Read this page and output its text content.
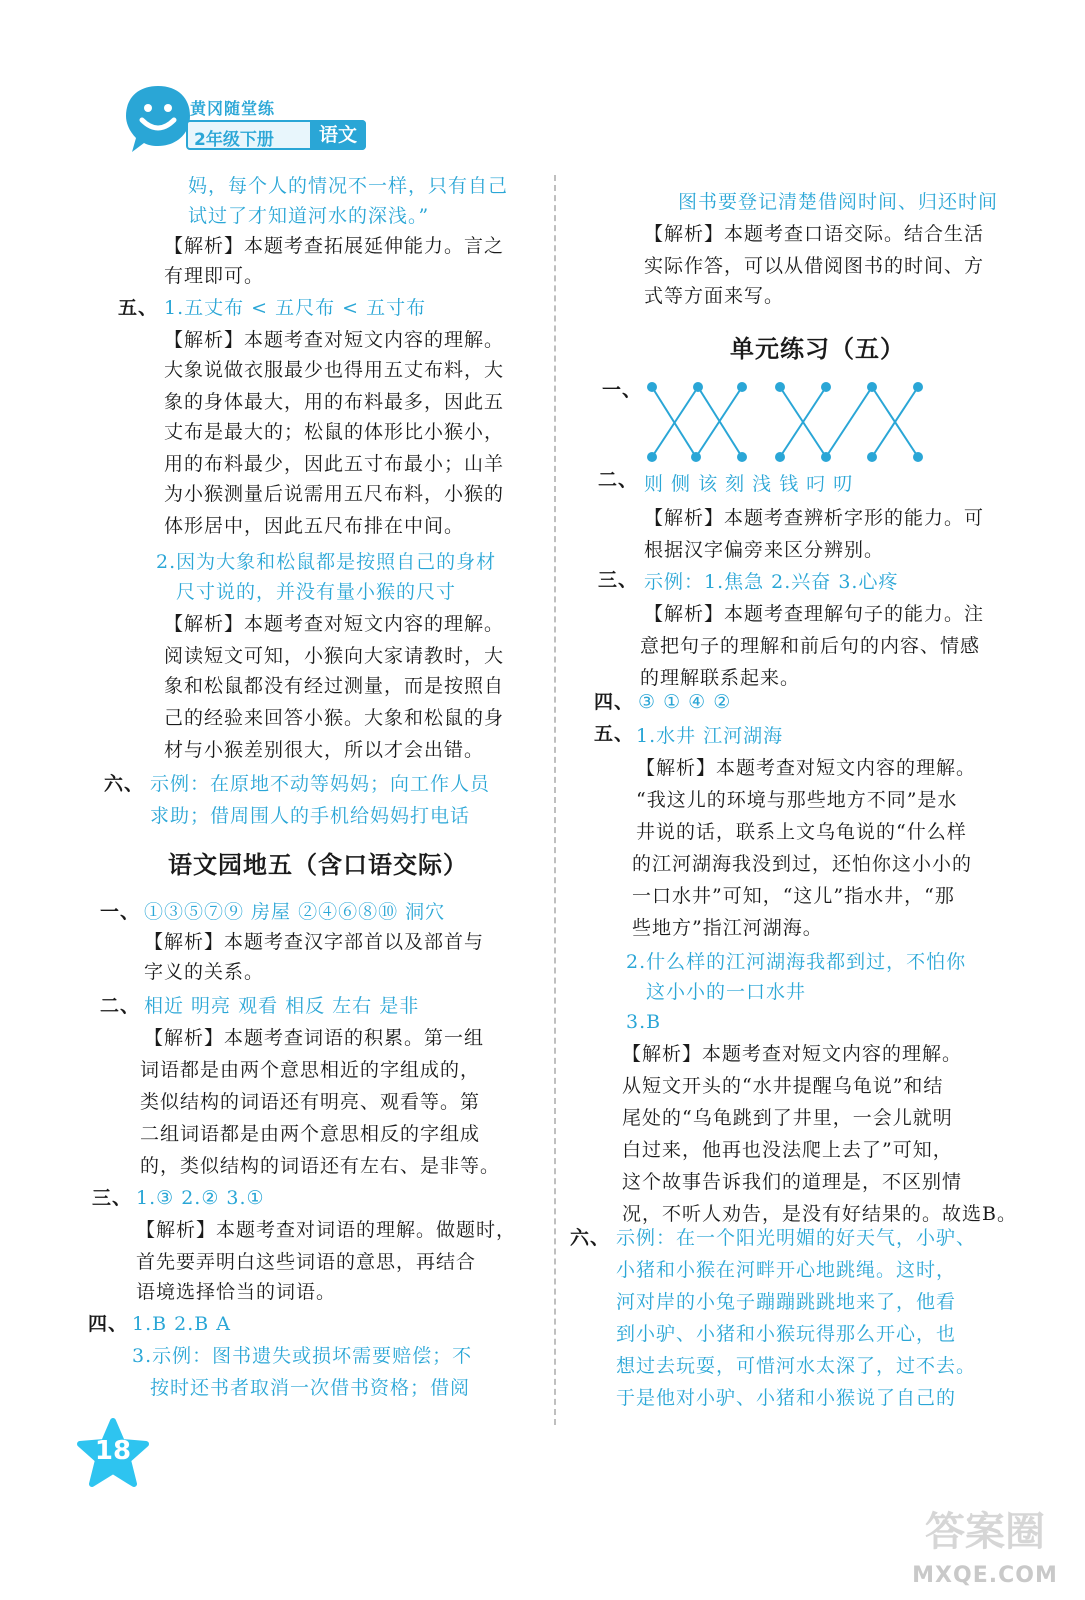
黄冈随堂练
2年级下册	语文
妈，每个人的情况不一样，只有自己
试过了才知道河水的深浅。”
【解析】本题考查拓展延伸能力。言之
有理即可。
五、 1.五丈布 < 五尺布 < 五寸布
【解析】本题考查对短文内容的理解。
大象说做衣服最少也得用五丈布料，大
象的身体最大，用的布料最多，因此五
丈布是最大的；松鼠的体形比小猴小，
用的布料最少，因此五寸布最小；山羊
为小猴测量后说需用五尺布料，小猴的
体形居中，因此五尺布排在中间。
2.因为大象和松鼠都是按照自己的身材
尺寸说的，并没有量小猴的尺寸
【解析】本题考查对短文内容的理解。
阅读短文可知，小猴向大家请教时，大
象和松鼠都没有经过测量，而是按照自
己的经验来回答小猴。大象和松鼠的身
材与小猴差别很大，所以才会出错。
六、 示例：在原地不动等妈妈；向工作人员
求助；借周围人的手机给妈妈打电话
语文园地五（含口语交际）
一、 ①③⑤⑦⑨ 房屋 ②④⑥⑧⑩ 洞穴
【解析】本题考查汉字部首以及部首与
字义的关系。
二、 相近 明亮 观看 相反 左右 是非
【解析】本题考查词语的积累。第一组
词语都是由两个意思相近的字组成的，
类似结构的词语还有明亮、观看等。第
二组词语都是由两个意思相反的字组成
的，类似结构的词语还有左右、是非等。
三、 1.③ 2.② 3.①
【解析】本题考查对词语的理解。做题时，
首先要弄明白这些词语的意思，再结合
语境选择恰当的词语。
四、 1.B 2.B A
3.示例：图书遗失或损坏需要赔偿；不
按时还书者取消一次借书资格；借阅
图书要登记清楚借阅时间、归还时间
【解析】本题考查口语交际。结合生活
实际作答，可以从借阅图书的时间、方
式等方面来写。
单元练习（五）
一、
二、 则 侧 该 刻 浅 钱 叼 叨
【解析】本题考查辨析字形的能力。可
根据汉字偏旁来区分辨别。
三、 示例：1.焦急 2.兴奋 3.心疼
【解析】本题考查理解句子的能力。注
意把句子的理解和前后句的内容、情感
的理解联系起来。
四、 ③ ① ④ ②
五、 1.水井 江河湖海
【解析】本题考查对短文内容的理解。
“我这儿的环境与那些地方不同”是水
井说的话，联系上文乌龟说的“什么样
的江河湖海我没到过，还怕你这小小的
一口水井”可知，“这儿”指水井，“那
些地方”指江河湖海。
2.什么样的江河湖海我都到过，不怕你
这小小的一口水井
3.B
【解析】本题考查对短文内容的理解。
从短文开头的“水井提醒乌龟说”和结
尾处的“乌龟跳到了井里，一会儿就明
白过来，他再也没法爬上去了”可知，
这个故事告诉我们的道理是，不区别情
况，不听人劝告，是没有好结果的。故选B。
六、 示例：在一个阳光明媚的好天气，小驴、
小猪和小猴在河畔开心地跳绳。这时，
河对岸的小兔子蹦蹦跳跳地来了，他看
到小驴、小猪和小猴玩得那么开心，也
想过去玩耍，可惜河水太深了，过不去。
于是他对小驴、小猪和小猴说了自己的
18
答案圈
MXQE.COM
